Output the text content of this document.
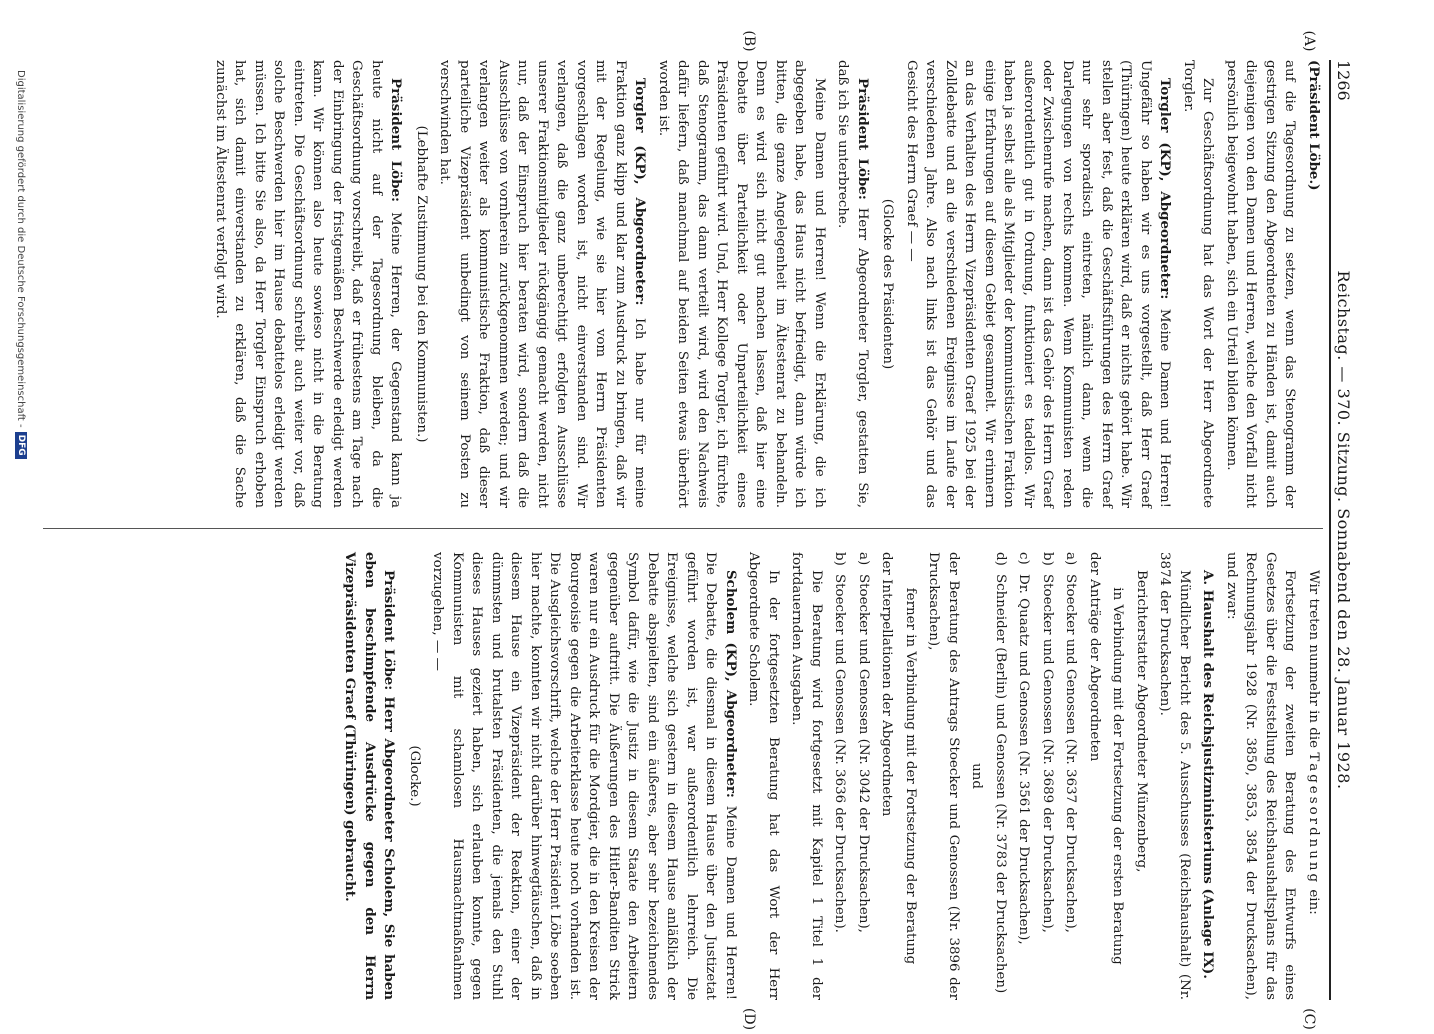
1266
Reichstag. — 370. Sitzung. Sonnabend den 28. Januar 1928.
(A)
(B)
(C)
(D)

(Präsident Löbe.)

auf die Tagesordnung zu setzen, wenn das Stenogramm der gestrigen Sitzung den Abgeordneten zu Händen ist, damit auch diejenigen von den Damen und Herren, welche den Vorfall nicht persönlich beigewohnt haben, sich ein Urteil bilden können.

Zur Geschäftsordnung hat das Wort der Herr Abgeordnete Torgler.

Torgler (KP), Abgeordneter: Meine Damen und Herren! Ungefähr so haben wir es uns vorgestellt, daß Herr Graef (Thüringen) heute erklären wird, daß er nichts gehört habe. Wir stellen aber fest, daß die Geschäftsführungen des Herrn Graef nur sehr sporadisch eintreten, nämlich dann, wenn die Darlegungen von rechts kommen. Wenn Kommunisten reden oder Zwischenrufe machen, dann ist das Gehör des Herrn Graef außerordentlich gut in Ordnung, funktioniert es tadellos. Wir haben ja selbst alle als Mitglieder der kommunistischen Fraktion einige Erfahrungen auf diesem Gebiet gesammelt. Wir erinnern an das Verhalten des Herrn Vizepräsidenten Graef 1925 bei der Zolldebatte und an die verschiedenen Ereignisse im Laufe der verschiedenen Jahre. Also nach links ist das Gehör und das Gesicht des Herrn Graef — —

(Glocke des Präsidenten)

Präsident Löbe: Herr Abgeordneter Torgler, gestatten Sie, daß ich Sie unterbreche.

Meine Damen und Herren! Wenn die Erklärung, die ich abgegeben habe, das Haus nicht befriedigt, dann würde ich bitten, die ganze Angelegenheit im Ältestenrat zu behandeln. Denn es wird sich nicht gut machen lassen, daß hier eine Debatte über Parteilichkeit oder Unparteilichkeit eines Präsidenten geführt wird. Und, Herr Kollege Torgler, ich fürchte, daß Stenogramm, das dann verteilt wird, wird den Nachweis dafür liefern, daß manchmal auf beiden Seiten etwas überhört worden ist.

Torgler (KP), Abgeordneter: Ich habe nur für meine Fraktion ganz klipp und klar zum Ausdruck zu bringen, daß wir mit der Regelung, wie sie hier vom Herrn Präsidenten vorgeschlagen worden ist, nicht einverstanden sind. Wir verlangen, daß die ganz unberechtigt erfolgten Ausschlüsse unserer Fraktionsmitglieder rückgängig gemacht werden, nicht nur, daß der Einspruch hier beraten wird, sondern daß die Ausschlüsse von vornherein zurückgenommen werden; und wir verlangen weiter als kommunistische Fraktion, daß dieser parteiliche Vizepräsident unbedingt von seinem Posten zu verschwinden hat.

(Lebhafte Zustimmung bei den Kommunisten.)

Präsident Löbe: Meine Herren, der Gegenstand kann ja heute nicht auf der Tagesordnung bleiben, da die Geschäftsordnung vorschreibt, daß er frühestens am Tage nach der Einbringung der fristgemäßen Beschwerde erledigt werden kann. Wir können also heute sowieso nicht in die Beratung eintreten. Die Geschäftsordnung schreibt auch weiter vor, daß solche Beschwerden hier im Hause debattelos erledigt werden müssen. Ich bitte Sie also, da Herr Torgler Einspruch erhoben hat, sich damit einverstanden zu erklären, daß die Sache zunächst im Ältestenrat verfolgt wird.

Wir treten nunmehr in die Tagesordnung ein:

Fortsetzung der zweiten Beratung des Entwurfs eines Gesetzes über die Feststellung des Reichshaushaltsplans für das Rechnungsjahr 1928 (Nr. 3850, 3853, 3854 der Drucksachen), und zwar:

A. Haushalt des Reichsjustizministeriums (Anlage IX).

Mündlicher Bericht des 5. Ausschusses (Reichshaushalt) (Nr. 3874 der Drucksachen).

Berichterstatter Abgeordneter Münzenberg,

in Verbindung mit der Fortsetzung der ersten Beratung

der Anträge der Abgeordneten

a)
Stoecker und Genossen (Nr. 3637 der Drucksachen),

b)
Stoecker und Genossen (Nr. 3689 der Drucksachen),

c)
Dr. Quaatz und Genossen (Nr. 3561 der Drucksachen),

d)
Schneider (Berlin) und Genossen (Nr. 3783 der Drucksachen)

und

der Beratung des Antrags Stoecker und Genossen (Nr. 3896 der Drucksachen),

ferner in Verbindung mit der Fortsetzung der Beratung

der Interpellationen der Abgeordneten

a)
Stoecker und Genossen (Nr. 3042 der Drucksachen),

b)
Stoecker und Genossen (Nr. 3636 der Drucksachen).

Die Beratung wird fortgesetzt mit Kapitel 1 Titel 1 der fortdauernden Ausgaben.

In der fortgesetzten Beratung hat das Wort der Herr Abgeordnete Scholem.

Scholem (KP), Abgeordneter: Meine Damen und Herren! Die Debatte, die diesmal in diesem Hause über den Justizetat geführt worden ist, war außerordentlich lehrreich. Die Ereignisse, welche sich gestern in diesem Hause anläßlich der Debatte abspielten, sind ein äußeres, aber sehr bezeichnendes Symbol dafür, wie die Justiz in diesem Staate den Arbeitern gegenüber auftritt. Die Äußerungen des Hitler-Banditen Strick waren nur ein Ausdruck für die Mordgier, die in den Kreisen der Bourgeoisie gegen die Arbeiterklasse heute noch vorhanden ist. Die Ausgleichsvorschrift, welche der Herr Präsident Löbe soeben hier machte, konnten wir nicht darüber hinwegtäuschen, daß in diesem Hause ein Vizepräsident der Reaktion, einer der dümmsten und brutalsten Präsidenten, die jemals den Stuhl dieses Hauses geziert haben, sich erlauben konnte, gegen Kommunisten mit schamlosen Hausmachtmaßnahmen vorzugehen, — —

(Glocke.)

Präsident Löbe: Herr Abgeordneter Scholem, Sie haben eben beschimpfende Ausdrücke gegen den Herrn Vizepräsidenten Graef (Thüringen) gebraucht.

Digitalisierung gefördert durch die Deutsche Forschungsgemeinschaft -
DFG
